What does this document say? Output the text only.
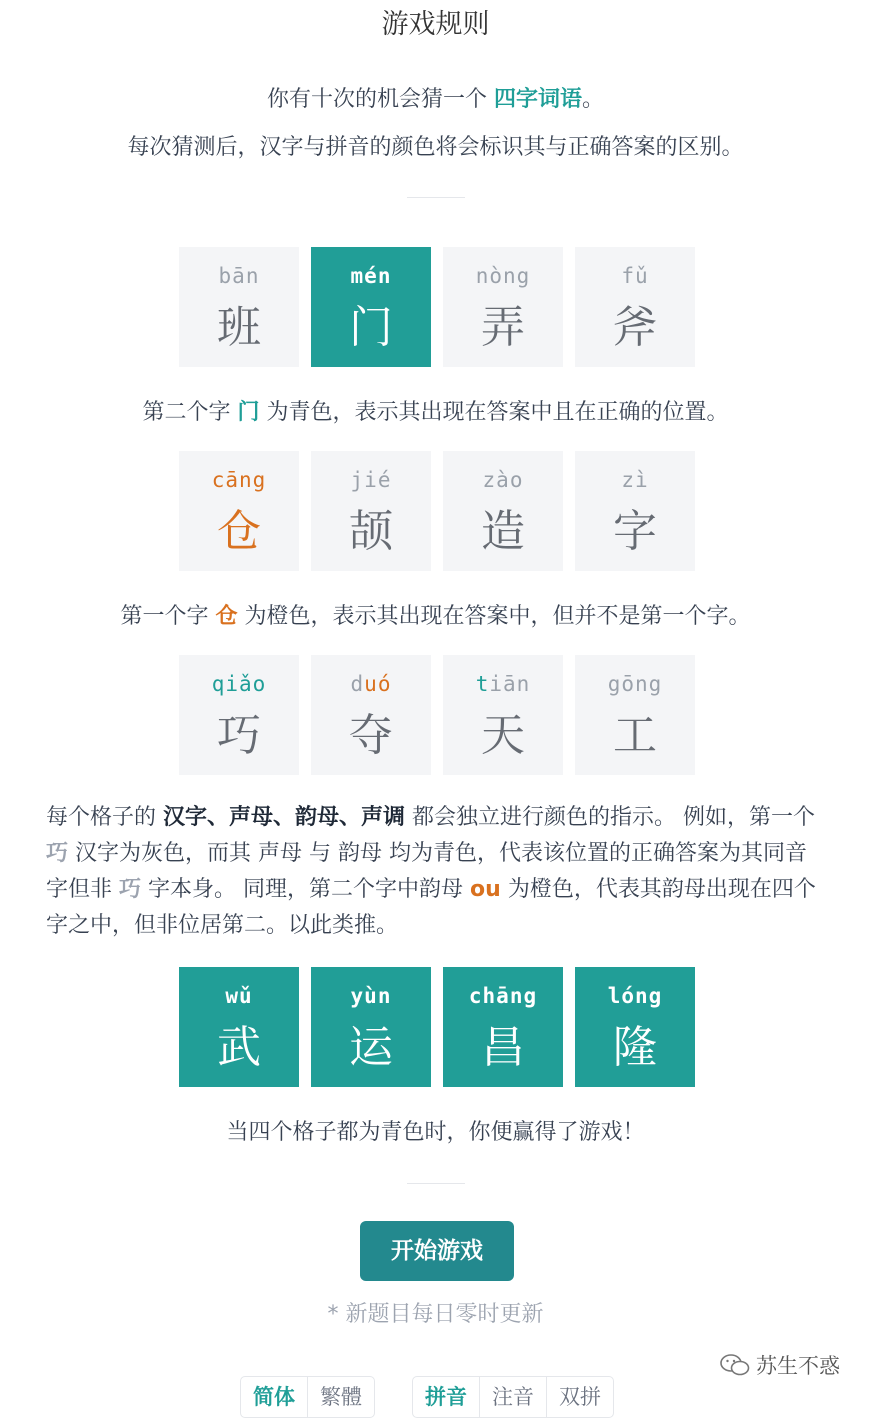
游戏规则
你有十次的机会猜一个 四字词语。
每次猜测后，汉字与拼音的颜色将会标识其与正确答案的区别。
bān
班
mén
门
nòng
弄
fǔ
斧
第二个字 门 为青色，表示其出现在答案中且在正确的位置。
cāng
仓
jié
颉
zào
造
zì
字
第一个字 仓 为橙色，表示其出现在答案中，但并不是第一个字。
qiǎo
巧
duó
夺
tiān
天
gōng
工
每个格子的 汉字、声母、韵母、声调 都会独立进行颜色的指示。 例如，第一个 巧 汉字为灰色，而其 声母 与 韵母 均为青色，代表该位置的正确答案为其同音字但非 巧 字本身。 同理，第二个字中韵母 ou 为橙色，代表其韵母出现在四个字之中，但非位居第二。以此类推。
wǔ
武
yùn
运
chāng
昌
lóng
隆
当四个格子都为青色时，你便赢得了游戏！
开始游戏
* 新题目每日零时更新
简体	繁體	拼音	注音	双拼
苏生不惑
